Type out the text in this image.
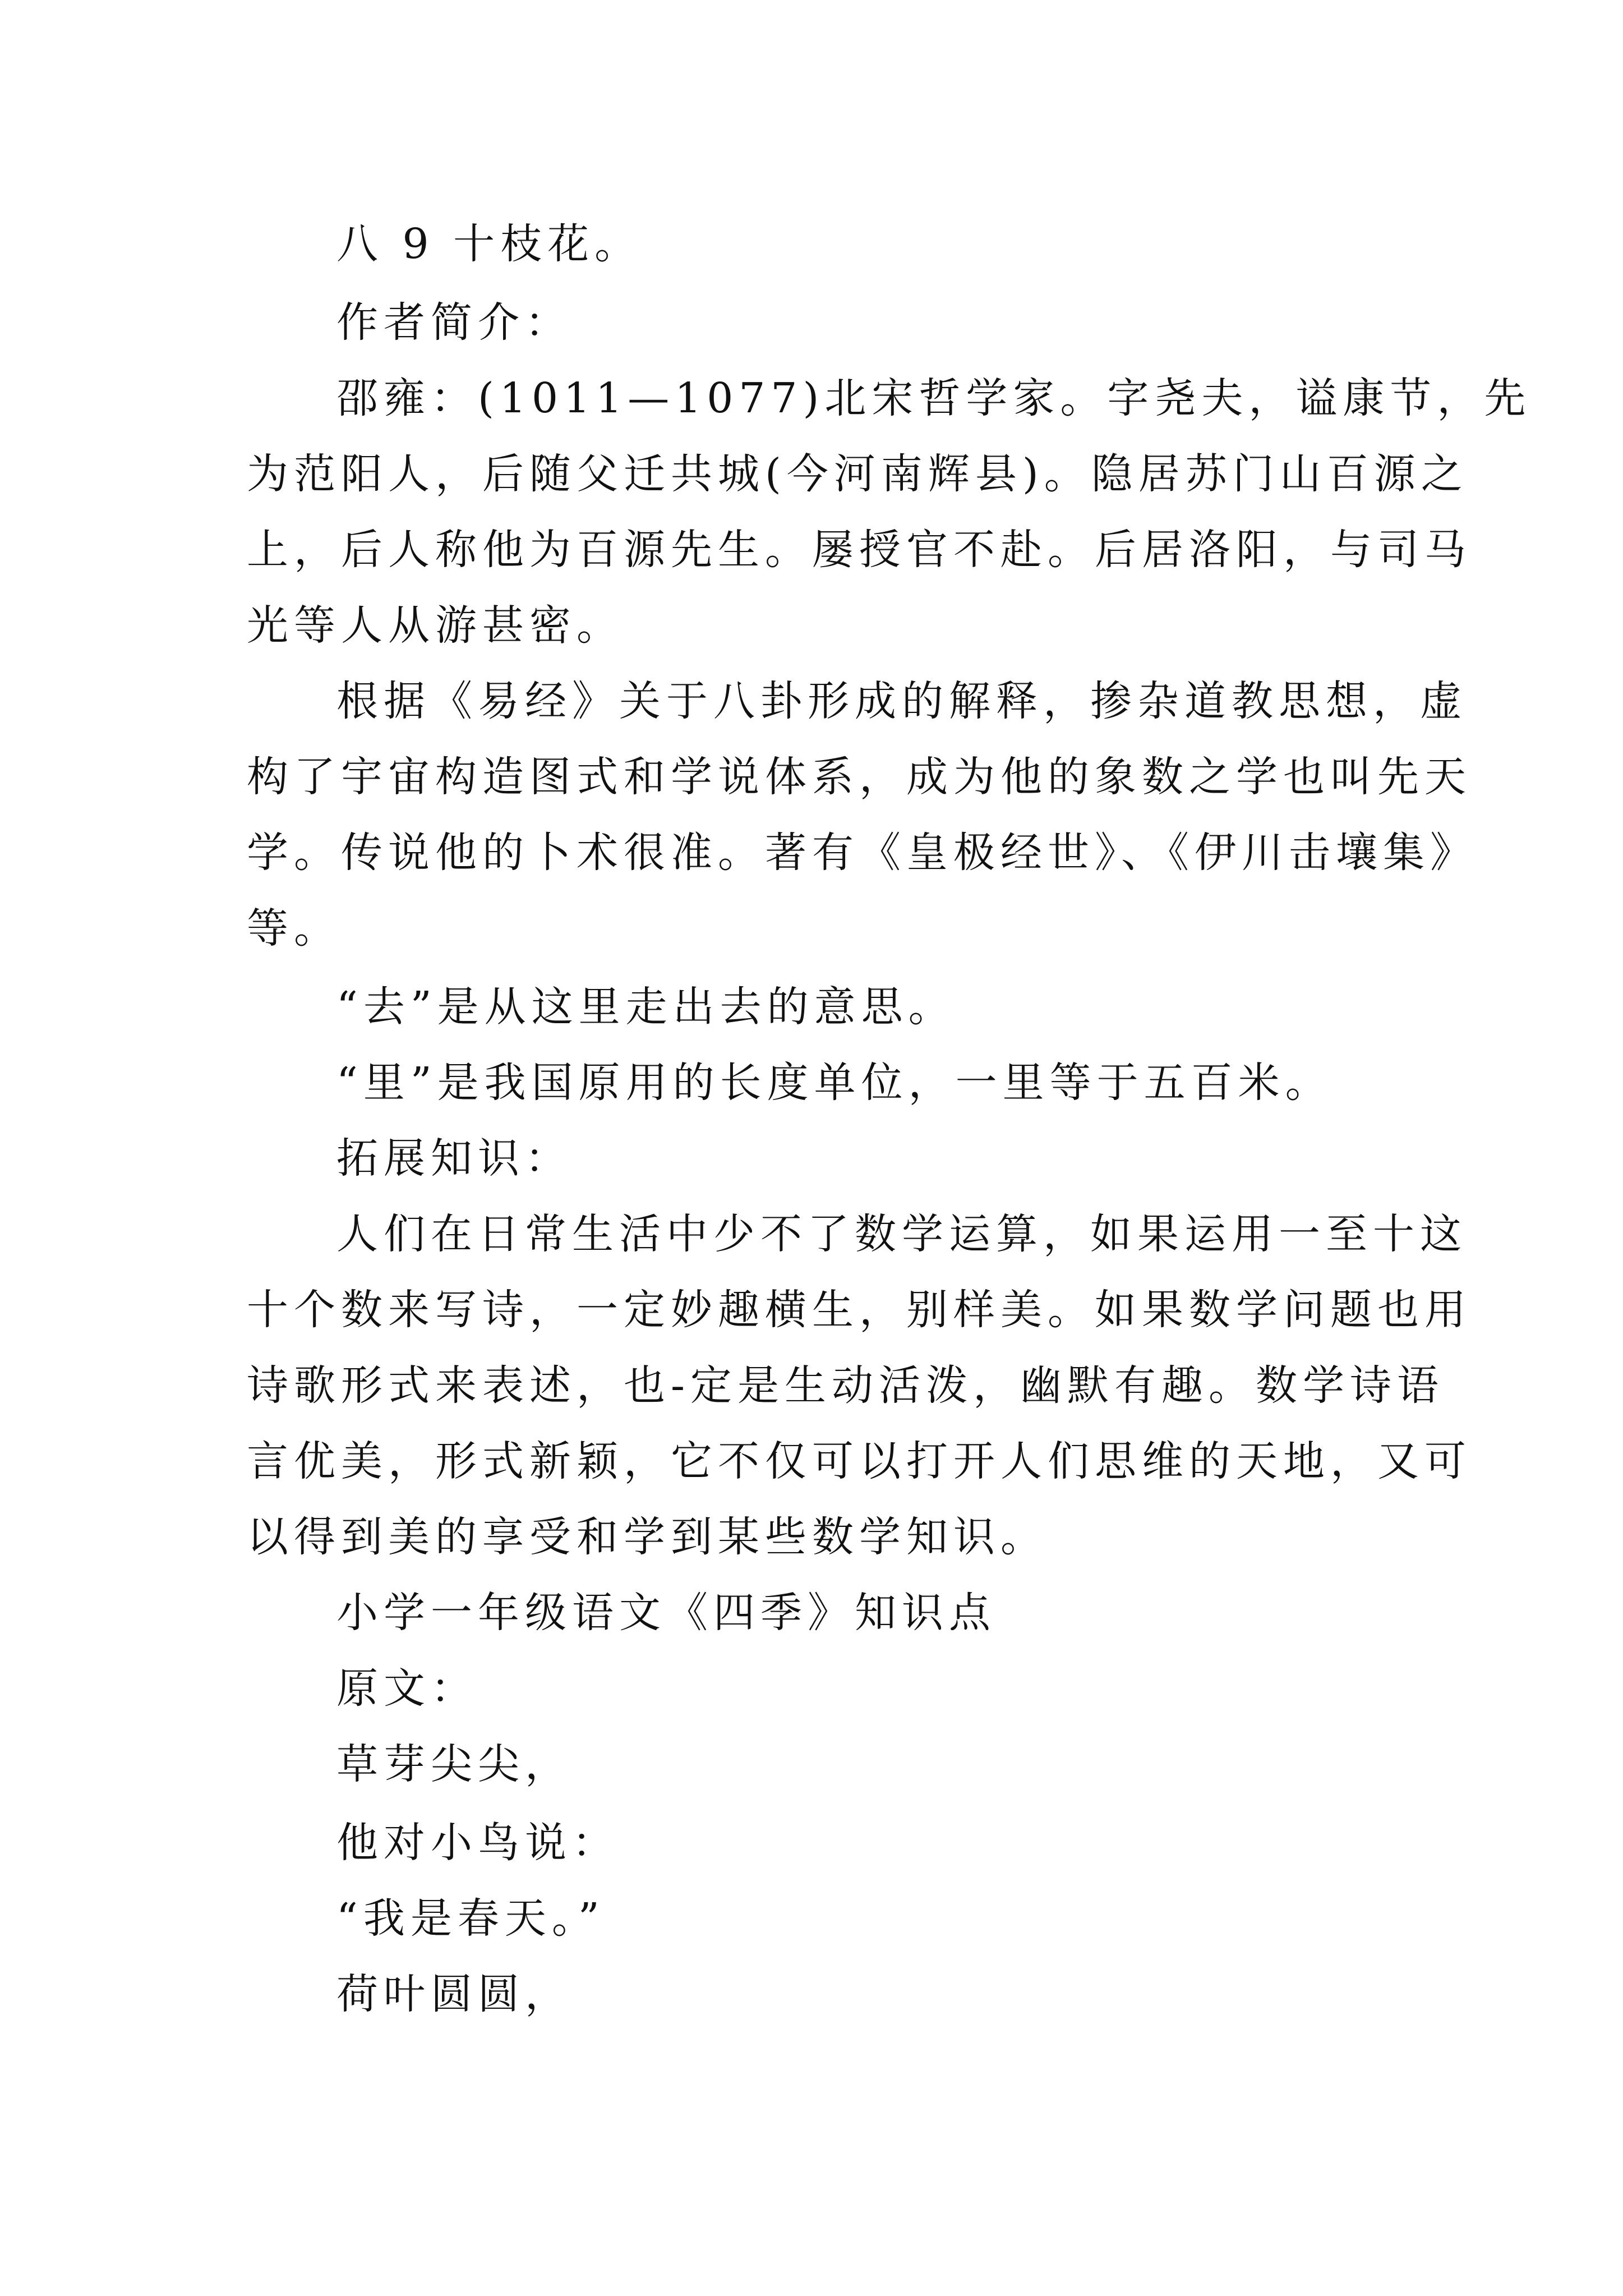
八 9 十枝花。
作者简介：
邵雍：(1011—1077)北宋哲学家。字尧夫，谥康节，先
为范阳人，后随父迁共城(今河南辉县)。隐居苏门山百源之
上，后人称他为百源先生。屡授官不赴。后居洛阳，与司马
光等人从游甚密。
根据《易经》关于八卦形成的解释，掺杂道教思想，虚
构了宇宙构造图式和学说体系，成为他的象数之学也叫先天
学。传说他的卜术很准。著有《皇极经世》、《伊川击壤集》
等。
“去”是从这里走出去的意思。
“里”是我国原用的长度单位，一里等于五百米。
拓展知识：
人们在日常生活中少不了数学运算，如果运用一至十这
十个数来写诗，一定妙趣横生，别样美。如果数学问题也用
诗歌形式来表述，也-定是生动活泼，幽默有趣。数学诗语
言优美，形式新颖，它不仅可以打开人们思维的天地，又可
以得到美的享受和学到某些数学知识。
小学一年级语文《四季》知识点
原文：
草芽尖尖，
他对小鸟说：
“我是春天。”
荷叶圆圆，
